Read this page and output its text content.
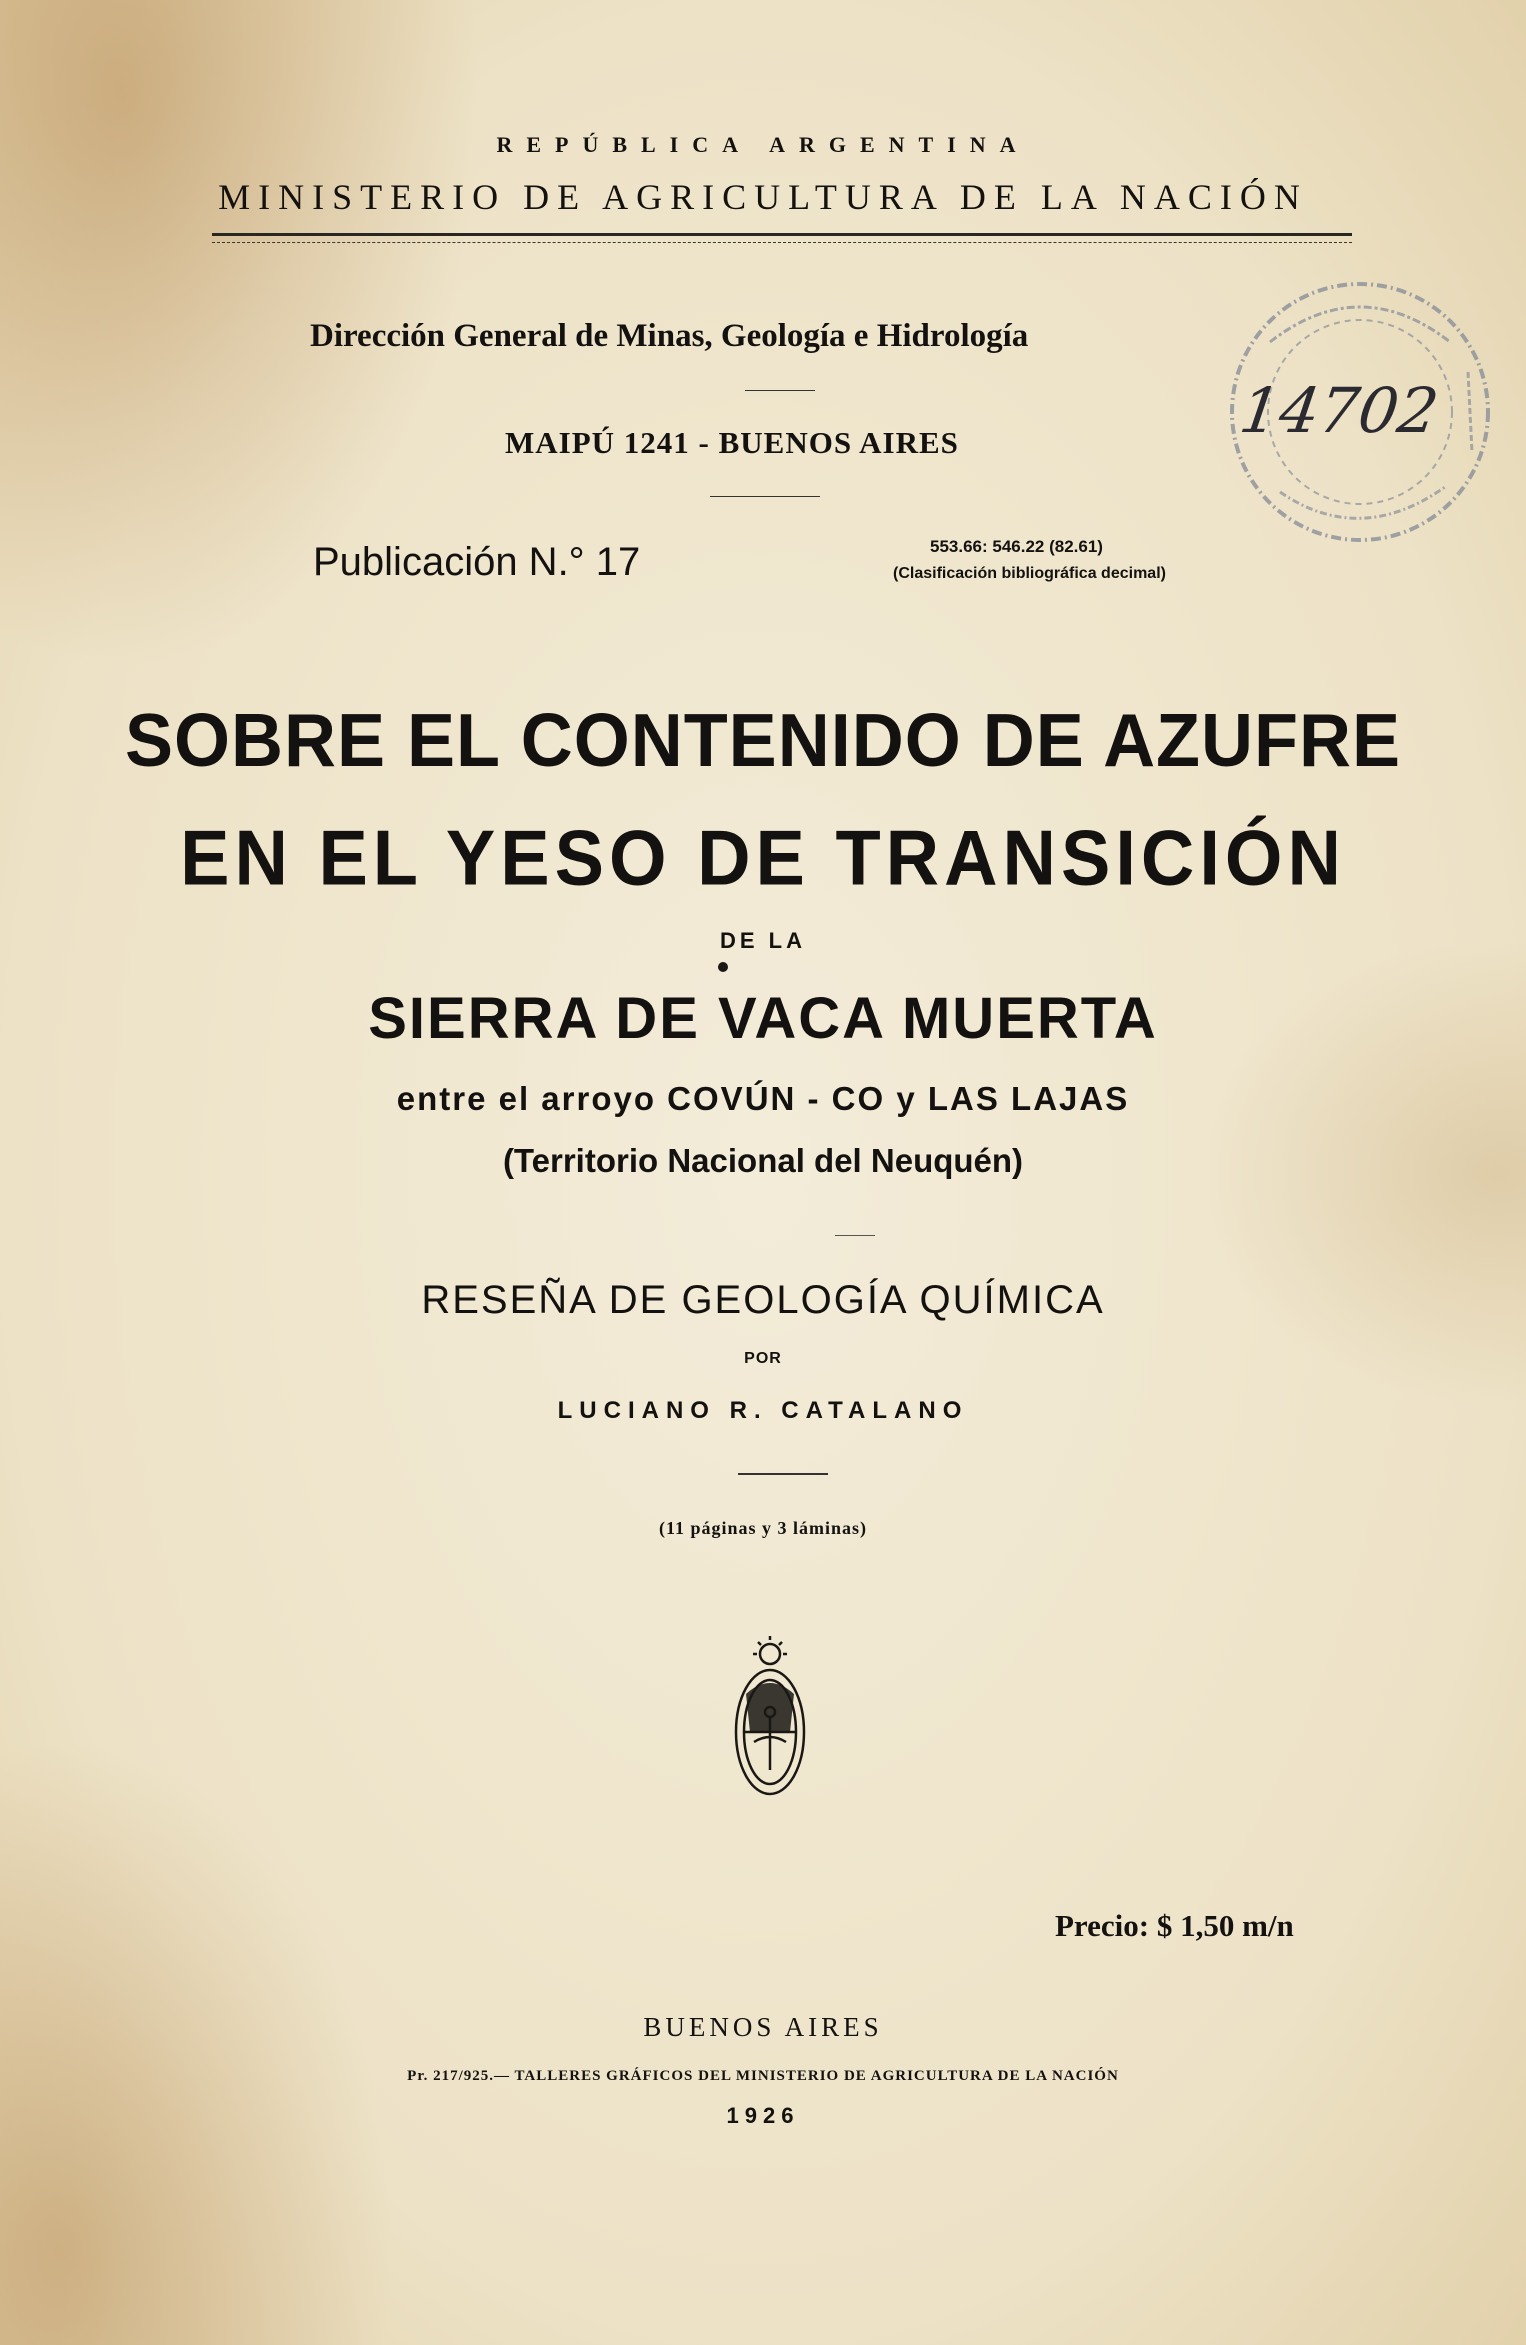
REPÚBLICA ARGENTINA
MINISTERIO DE AGRICULTURA DE LA NACIÓN
Dirección General de Minas, Geología e Hidrología
MAIPÚ 1241 - BUENOS AIRES
Publicación N.° 17	553.66: 546.22 (82.61)
(Clasificación bibliográfica decimal)
14702
SOBRE EL CONTENIDO DE AZUFRE
EN EL YESO DE TRANSICIÓN
DE LA
SIERRA DE VACA MUERTA
entre el arroyo COVÚN - CO y LAS LAJAS
(Territorio Nacional del Neuquén)
RESEÑA DE GEOLOGÍA QUÍMICA
POR
LUCIANO R. CATALANO
(11 páginas y 3 láminas)
Precio: $ 1,50 m/n
BUENOS AIRES
Pr. 217/925.— TALLERES GRÁFICOS DEL MINISTERIO DE AGRICULTURA DE LA NACIÓN
1926
